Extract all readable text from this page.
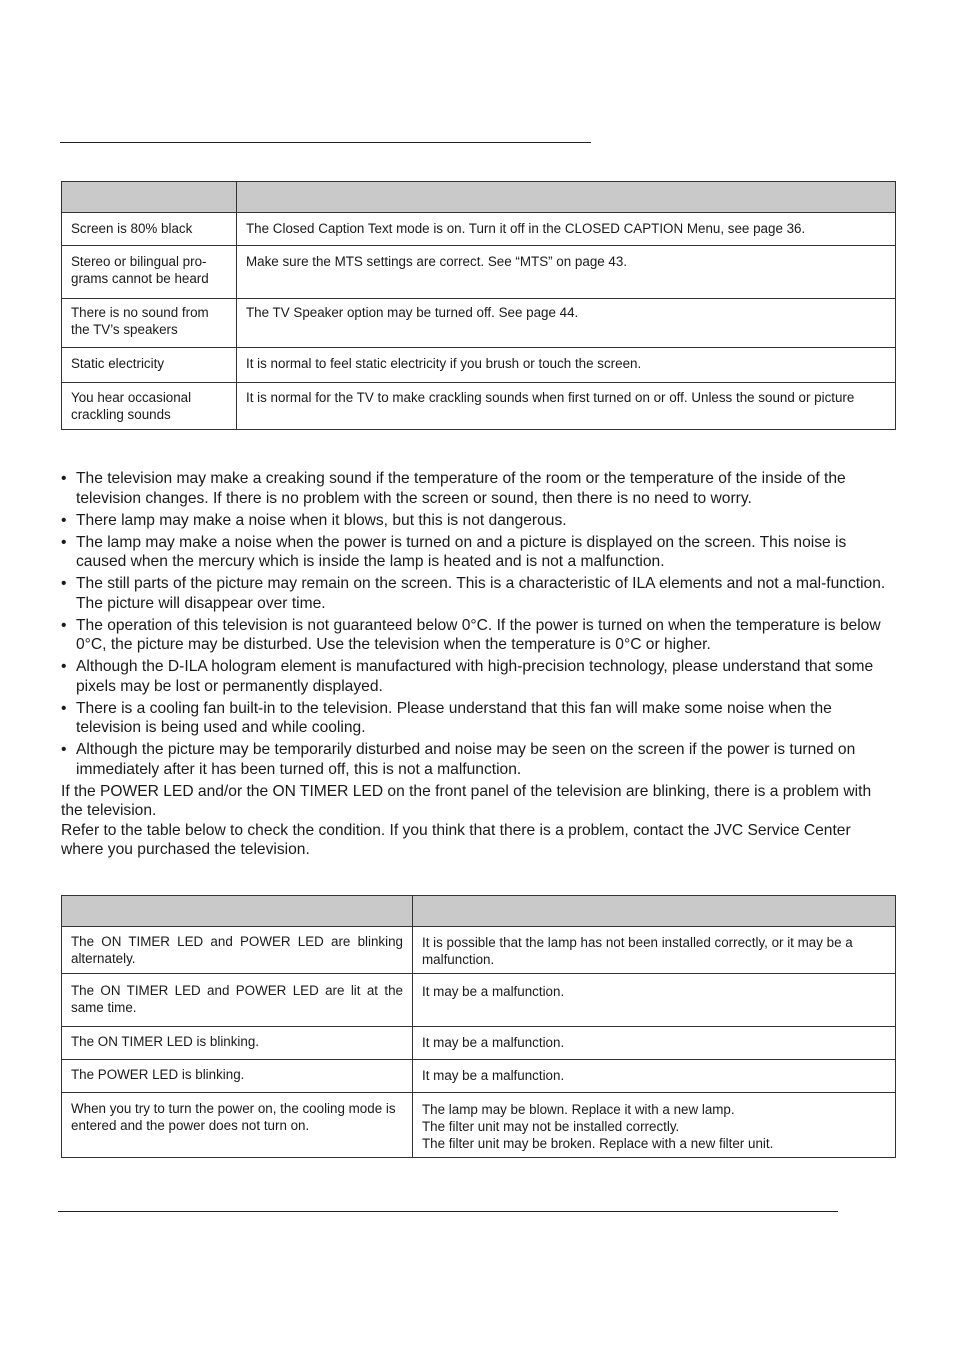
Screen is 80% black	The Closed Caption Text mode is on. Turn it off in the CLOSED CAPTION Menu, see page 36.
Stereo or bilingual pro-grams cannot be heard	Make sure the MTS settings are correct. See “MTS” on page 43.
There is no sound from the TV’s speakers	The TV Speaker option may be turned off. See page 44.
Static electricity	It is normal to feel static electricity if you brush or touch the screen.
You hear occasional crackling sounds	It is normal for the TV to make crackling sounds when first turned on or off. Unless the sound or picture
• The television may make a creaking sound if the temperature of the room or the temperature of the inside of the television changes. If there is no problem with the screen or sound, then there is no need to worry.
• There lamp may make a noise when it blows, but this is not dangerous.
• The lamp may make a noise when the power is turned on and a picture is displayed on the screen. This noise is caused when the mercury which is inside the lamp is heated and is not a malfunction.
• The still parts of the picture may remain on the screen. This is a characteristic of ILA elements and not a mal-function. The picture will disappear over time.
• The operation of this television is not guaranteed below 0°C. If the power is turned on when the temperature is below 0°C, the picture may be disturbed. Use the television when the temperature is 0°C or higher.
• Although the D-ILA hologram element is manufactured with high-precision technology, please understand that some pixels may be lost or permanently displayed.
• There is a cooling fan built-in to the television. Please understand that this fan will make some noise when the television is being used and while cooling.
• Although the picture may be temporarily disturbed and noise may be seen on the screen if the power is turned on immediately after it has been turned off, this is not a malfunction.

If the POWER LED and/or the ON TIMER LED on the front panel of the television are blinking, there is a problem with the television.

Refer to the table below to check the condition. If you think that there is a problem, contact the JVC Service Center where you purchased the television.

The ON TIMER LED and POWER LED are blinking alternately.	It is possible that the lamp has not been installed correctly, or it may be a malfunction.

The ON TIMER LED and POWER LED are lit at the same time.	It may be a malfunction.

The ON TIMER LED is blinking.	It may be a malfunction.

The POWER LED is blinking.	It may be a malfunction.

When you try to turn the power on, the cooling mode is entered and the power does not turn on.	The lamp may be blown. Replace it with a new lamp.
The filter unit may not be installed correctly.
The filter unit may be broken. Replace with a new filter unit.
